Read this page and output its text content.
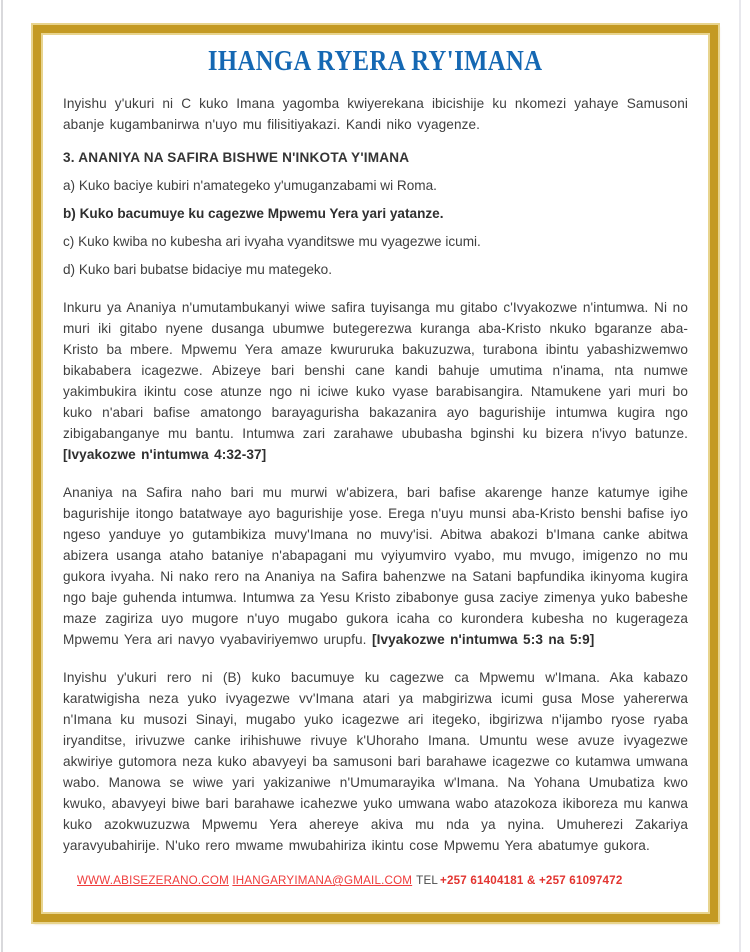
IHANGA RYERA RY'IMANA

Inyishu y'ukuri ni C kuko Imana yagomba kwiyerekana ibicishije ku nkomezi yahaye Samusoni abanje kugambanirwa n'uyo mu filisitiyakazi. Kandi niko vyagenze.

3. ANANIYA NA SAFIRA BISHWE N'INKOTA Y'IMANA

a) Kuko baciye kubiri n'amategeko y'umuganzabami wi Roma.

b) Kuko bacumuye ku cagezwe Mpwemu Yera yari yatanze.

c) Kuko kwiba no kubesha ari ivyaha vyanditswe mu vyagezwe icumi.

d) Kuko bari bubatse bidaciye mu mategeko.

Inkuru ya Ananiya n'umutambukanyi wiwe safira tuyisanga mu gitabo c'Ivyakozwe n'intumwa. Ni no muri iki gitabo nyene dusanga ubumwe butegerezwa kuranga aba-Kristo nkuko bgaranze aba-Kristo ba mbere. Mpwemu Yera amaze kwururuka bakuzuzwa, turabona ibintu yabashizwemwo bikababera icagezwe. Abizeye bari benshi cane kandi bahuje umutima n'inama, nta numwe yakimbukira ikintu cose atunze ngo ni iciwe kuko vyase barabisangira. Ntamukene yari muri bo kuko n'abari bafise amatongo barayagurisha bakazanira ayo bagurishije intumwa kugira ngo zibigabanganye mu bantu. Intumwa zari zarahawe ububasha bginshi ku bizera n'ivyo batunze. [Ivyakozwe n'intumwa 4:32-37]

Ananiya na Safira naho bari mu murwi w'abizera, bari bafise akarenge hanze katumye igihe bagurishije itongo batatwaye ayo bagurishije yose. Erega n'uyu munsi aba-Kristo benshi bafise iyo ngeso yanduye yo gutambikiza muvy'Imana no muvy'isi. Abitwa abakozi b'Imana canke abitwa abizera usanga ataho bataniye n'abapagani mu vyiyumviro vyabo, mu mvugo, imigenzo no mu gukora ivyaha. Ni nako rero na Ananiya na Safira bahenzwe na Satani bapfundika ikinyoma kugira ngo baje guhenda intumwa. Intumwa za Yesu Kristo zibabonye gusa zaciye zimenya yuko babeshe maze zagiriza uyo mugore n'uyo mugabo gukora icaha co kurondera kubesha no kugerageza Mpwemu Yera ari navyo vyabaviriyemwo urupfu. [Ivyakozwe n'intumwa 5:3 na 5:9]

Inyishu y'ukuri rero ni (B) kuko bacumuye ku cagezwe ca Mpwemu w'Imana. Aka kabazo karatwigisha neza yuko ivyagezwe vv'Imana atari ya mabgirizwa icumi gusa Mose yahererwa n'Imana ku musozi Sinayi, mugabo yuko icagezwe ari itegeko, ibgirizwa n'ijambo ryose ryaba iryanditse, irivuzwe canke irihishuwe rivuye k'Uhoraho Imana. Umuntu wese avuze ivyagezwe akwiriye gutomora neza kuko abavyeyi ba samusoni bari barahawe icagezwe co kutamwa umwana wabo. Manowa se wiwe yari yakizaniwe n'Umumarayika w'Imana. Na Yohana Umubatiza kwo kwuko, abavyeyi biwe bari barahawe icahezwe yuko umwana wabo atazokoza ikiboreza mu kanwa kuko azokwuzuzwa Mpwemu Yera ahereye akiva mu nda ya nyina. Umuherezi Zakariya yaravyubahirije. N'uko rero mwame mwubahiriza ikintu cose Mpwemu Yera abatumye gukora.

WWW.ABISEZERANO.COM IHANGARYIMANA@GMAIL.COM TEL +257 61404181 & +257 61097472
